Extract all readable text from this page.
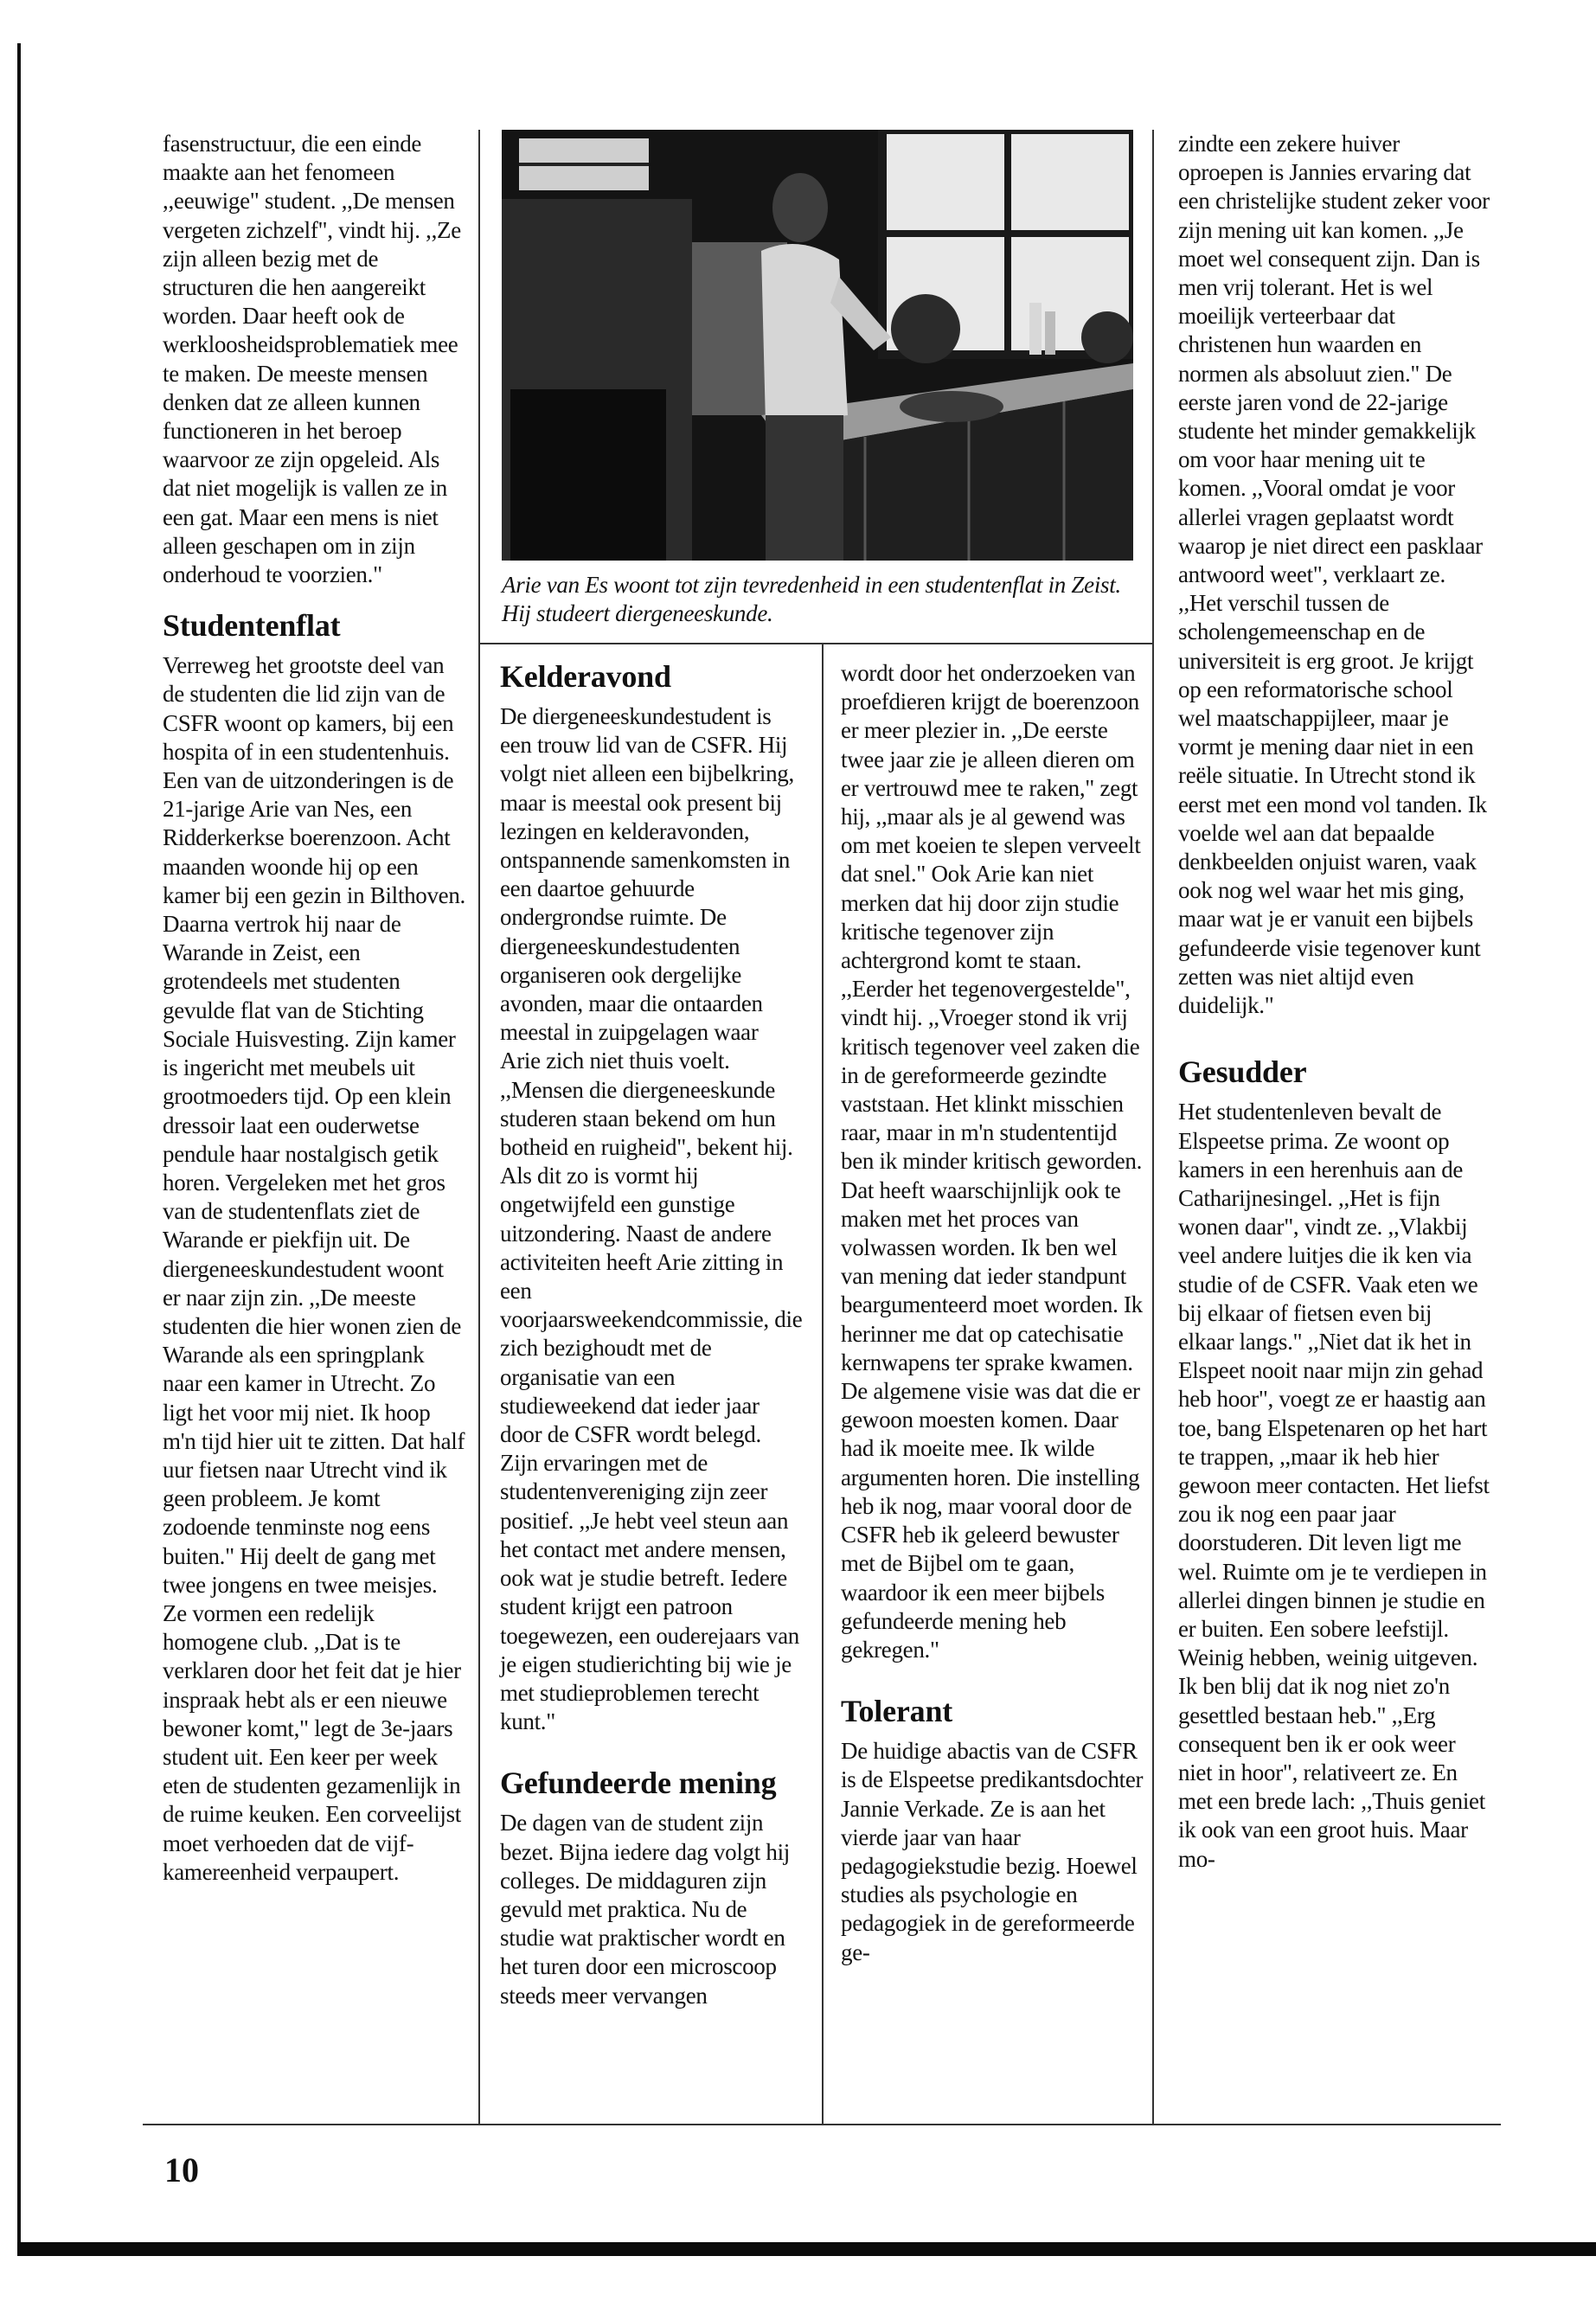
fasenstructuur, die een einde maakte aan het fenomeen ,,eeuwige" student. ,,De mensen vergeten zichzelf", vindt hij. ,,Ze zijn alleen bezig met de structuren die hen aangereikt worden. Daar heeft ook de werkloosheidsproblematiek mee te maken. De meeste mensen denken dat ze alleen kunnen functioneren in het beroep waarvoor ze zijn opgeleid. Als dat niet mogelijk is vallen ze in een gat. Maar een mens is niet alleen geschapen om in zijn onderhoud te voorzien."

Studentenflat

Verreweg het grootste deel van de studenten die lid zijn van de CSFR woont op kamers, bij een hospita of in een studentenhuis. Een van de uitzonderingen is de 21-jarige Arie van Nes, een Ridderkerkse boerenzoon. Acht maanden woonde hij op een kamer bij een gezin in Bilthoven. Daarna vertrok hij naar de Warande in Zeist, een grotendeels met studenten gevulde flat van de Stichting Sociale Huisvesting. Zijn kamer is ingericht met meubels uit grootmoeders tijd. Op een klein dressoir laat een ouderwetse pendule haar nostalgisch getik horen. Vergeleken met het gros van de studentenflats ziet de Warande er piekfijn uit. De diergeneeskundestudent woont er naar zijn zin. ,,De meeste studenten die hier wonen zien de Warande als een springplank naar een kamer in Utrecht. Zo ligt het voor mij niet. Ik hoop m'n tijd hier uit te zitten. Dat half uur fietsen naar Utrecht vind ik geen probleem. Je komt zodoende tenminste nog eens buiten." Hij deelt de gang met twee jongens en twee meisjes. Ze vormen een redelijk homogene club. ,,Dat is te verklaren door het feit dat je hier inspraak hebt als er een nieuwe bewoner komt," legt de 3e-jaars student uit. Een keer per week eten de studenten gezamenlijk in de ruime keuken. Een corveelijst moet verhoeden dat de vijf-kamereenheid verpaupert.

Arie van Es woont tot zijn tevredenheid in een studentenflat in Zeist. Hij studeert diergeneeskunde.
Kelderavond

De diergeneeskundestudent is een trouw lid van de CSFR. Hij volgt niet alleen een bijbelkring, maar is meestal ook present bij lezingen en kelderavonden, ontspannende samenkomsten in een daartoe gehuurde ondergrondse ruimte. De diergeneeskundestudenten organiseren ook dergelijke avonden, maar die ontaarden meestal in zuipgelagen waar Arie zich niet thuis voelt. ,,Mensen die diergeneeskunde studeren staan bekend om hun botheid en ruigheid", bekent hij. Als dit zo is vormt hij ongetwijfeld een gunstige uitzondering. Naast de andere activiteiten heeft Arie zitting in een voorjaarsweekendcommissie, die zich bezighoudt met de organisatie van een studieweekend dat ieder jaar door de CSFR wordt belegd. Zijn ervaringen met de studentenvereniging zijn zeer positief. ,,Je hebt veel steun aan het contact met andere mensen, ook wat je studie betreft. Iedere student krijgt een patroon toegewezen, een ouderejaars van je eigen studierichting bij wie je met studieproblemen terecht kunt."

Gefundeerde mening

De dagen van de student zijn bezet. Bijna iedere dag volgt hij colleges. De middaguren zijn gevuld met praktica. Nu de studie wat praktischer wordt en het turen door een microscoop steeds meer vervangen

wordt door het onderzoeken van proefdieren krijgt de boerenzoon er meer plezier in. ,,De eerste twee jaar zie je alleen dieren om er vertrouwd mee te raken," zegt hij, ,,maar als je al gewend was om met koeien te slepen verveelt dat snel." Ook Arie kan niet merken dat hij door zijn studie kritische tegenover zijn achtergrond komt te staan. ,,Eerder het tegenovergestelde", vindt hij. ,,Vroeger stond ik vrij kritisch tegenover veel zaken die in de gereformeerde gezindte vaststaan. Het klinkt misschien raar, maar in m'n studententijd ben ik minder kritisch geworden. Dat heeft waarschijnlijk ook te maken met het proces van volwassen worden. Ik ben wel van mening dat ieder standpunt beargumenteerd moet worden. Ik herinner me dat op catechisatie kernwapens ter sprake kwamen. De algemene visie was dat die er gewoon moesten komen. Daar had ik moeite mee. Ik wilde argumenten horen. Die instelling heb ik nog, maar vooral door de CSFR heb ik geleerd bewuster met de Bijbel om te gaan, waardoor ik een meer bijbels gefundeerde mening heb gekregen."

Tolerant

De huidige abactis van de CSFR is de Elspeetse predikantsdochter Jannie Verkade. Ze is aan het vierde jaar van haar pedagogiekstudie bezig. Hoewel studies als psychologie en pedagogiek in de gereformeerde ge-

zindte een zekere huiver oproepen is Jannies ervaring dat een christelijke student zeker voor zijn mening uit kan komen. ,,Je moet wel consequent zijn. Dan is men vrij tolerant. Het is wel moeilijk verteerbaar dat christenen hun waarden en normen als absoluut zien." De eerste jaren vond de 22-jarige studente het minder gemakkelijk om voor haar mening uit te komen. ,,Vooral omdat je voor allerlei vragen geplaatst wordt waarop je niet direct een pasklaar antwoord weet", verklaart ze. ,,Het verschil tussen de scholengemeenschap en de universiteit is erg groot. Je krijgt op een reformatorische school wel maatschappijleer, maar je vormt je mening daar niet in een reële situatie. In Utrecht stond ik eerst met een mond vol tanden. Ik voelde wel aan dat bepaalde denkbeelden onjuist waren, vaak ook nog wel waar het mis ging, maar wat je er vanuit een bijbels gefundeerde visie tegenover kunt zetten was niet altijd even duidelijk."

Gesudder

Het studentenleven bevalt de Elspeetse prima. Ze woont op kamers in een herenhuis aan de Catharijnesingel. ,,Het is fijn wonen daar", vindt ze. ,,Vlakbij veel andere luitjes die ik ken via studie of de CSFR. Vaak eten we bij elkaar of fietsen even bij elkaar langs." ,,Niet dat ik het in Elspeet nooit naar mijn zin gehad heb hoor", voegt ze er haastig aan toe, bang Elspetenaren op het hart te trappen, ,,maar ik heb hier gewoon meer contacten. Het liefst zou ik nog een paar jaar doorstuderen. Dit leven ligt me wel. Ruimte om je te verdiepen in allerlei dingen binnen je studie en er buiten. Een sobere leefstijl. Weinig hebben, weinig uitgeven. Ik ben blij dat ik nog niet zo'n gesettled bestaan heb." ,,Erg consequent ben ik er ook weer niet in hoor", relativeert ze. En met een brede lach: ,,Thuis geniet ik ook van een groot huis. Maar mo-

10
